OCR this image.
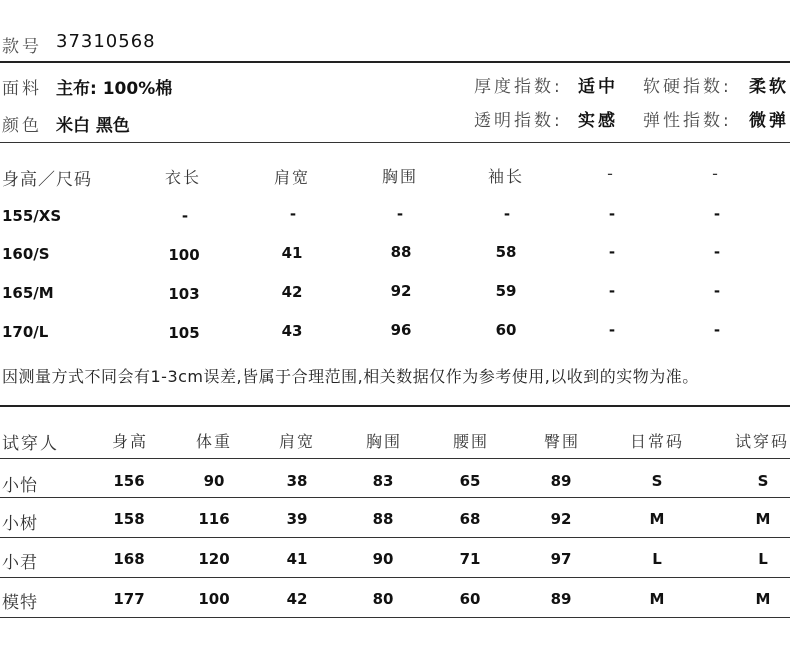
款号 37310568
面料 主布: 100%棉	厚度指数: 适中 软硬指数: 柔软
颜色 米白 黑色	透明指数: 实感 弹性指数: 微弹
身高／尺码	衣长	肩宽	胸围	袖长	-	-
155/XS	-	-	-	-	-	-
160/S	100	41	88	58	-	-
165/M	103	42	92	59	-	-
170/L	105	43	96	60	-	-
因测量方式不同会有1-3cm误差,皆属于合理范围,相关数据仅作为参考使用,以收到的实物为准。
试穿人	身高	体重	肩宽	胸围	腰围	臀围	日常码	试穿码
小怡	156	90	38	83	65	89	S	S
小树	158	116	39	88	68	92	M	M
小君	168	120	41	90	71	97	L	L
模特	177	100	42	80	60	89	M	M
